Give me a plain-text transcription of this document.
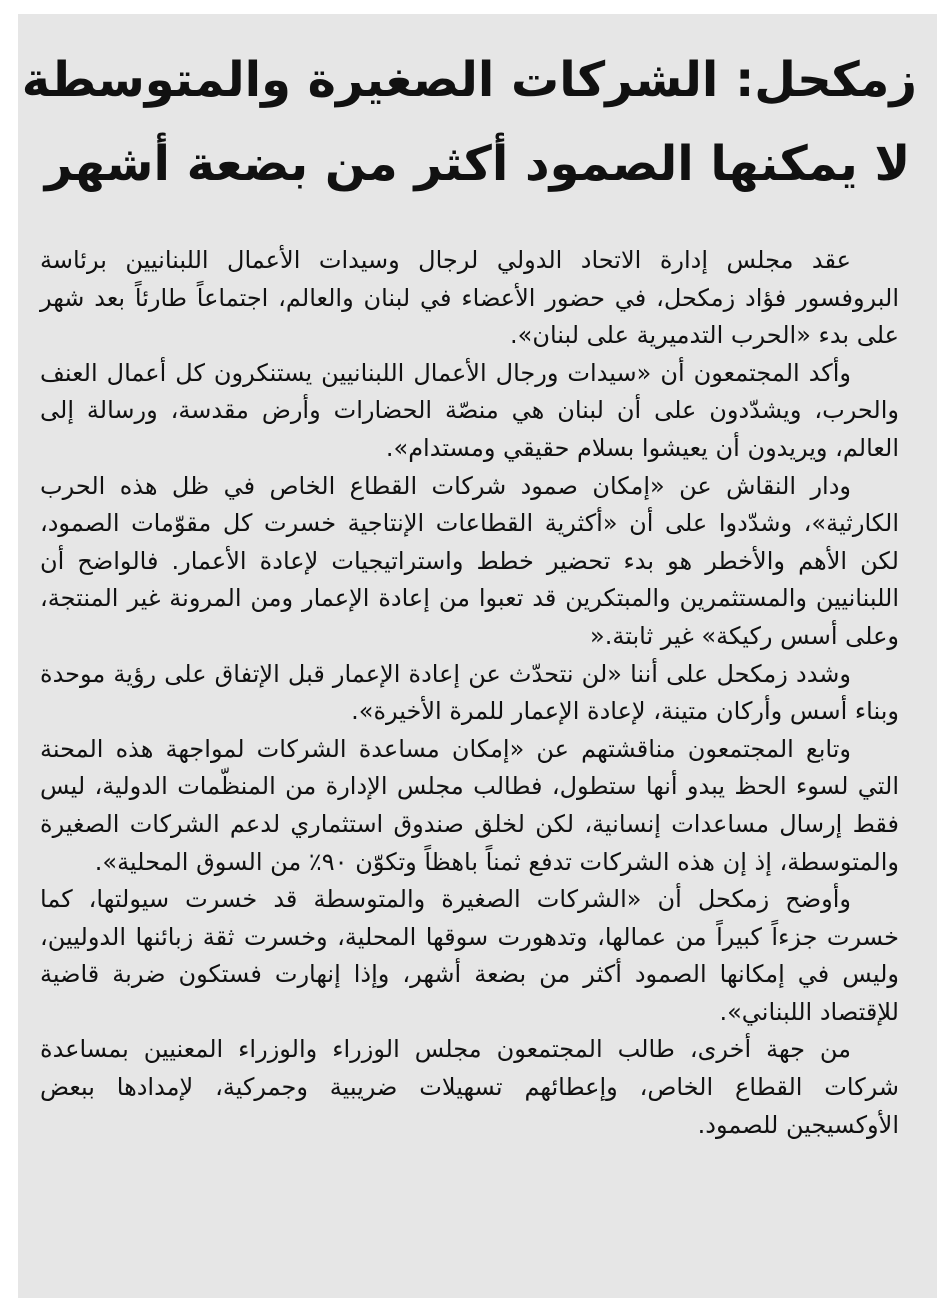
زمكحل: الشركات الصغيرة والمتوسطة
لا يمكنها الصمود أكثر من بضعة أشهر

عقد مجلس إدارة الاتحاد الدولي لرجال وسيدات الأعمال اللبنانيين برئاسة البروفسور فؤاد زمكحل، في حضور الأعضاء في لبنان والعالم، اجتماعاً طارئاً بعد شهر على بدء «الحرب التدميرية على لبنان».

وأكد المجتمعون أن «سيدات ورجال الأعمال اللبنانيين يستنكرون كل أعمال العنف والحرب، ويشدّدون على أن لبنان هي منصّة الحضارات وأرض مقدسة، ورسالة إلى العالم، ويريدون أن يعيشوا بسلام حقيقي ومستدام».

ودار النقاش عن «إمكان صمود شركات القطاع الخاص في ظل هذه الحرب الكارثية»، وشدّدوا على أن «أكثرية القطاعات الإنتاجية خسرت كل مقوّمات الصمود، لكن الأهم والأخطر هو بدء تحضير خطط واستراتيجيات لإعادة الأعمار. فالواضح أن اللبنانيين والمستثمرين والمبتكرين قد تعبوا من إعادة الإعمار ومن المرونة غير المنتجة، وعلى أسس ركيكة» غير ثابتة.«

وشدد زمكحل على أننا «لن نتحدّث عن إعادة الإعمار قبل الإتفاق على رؤية موحدة وبناء أسس وأركان متينة، لإعادة الإعمار للمرة الأخيرة».

وتابع المجتمعون مناقشتهم عن «إمكان مساعدة الشركات لمواجهة هذه المحنة التي لسوء الحظ يبدو أنها ستطول، فطالب مجلس الإدارة من المنظّمات الدولية، ليس فقط إرسال مساعدات إنسانية، لكن لخلق صندوق استثماري لدعم الشركات الصغيرة والمتوسطة، إذ إن هذه الشركات تدفع ثمناً باهظاً وتكوّن ٩٠٪ من السوق المحلية».

وأوضح زمكحل أن «الشركات الصغيرة والمتوسطة قد خسرت سيولتها، كما خسرت جزءاً كبيراً من عمالها، وتدهورت سوقها المحلية، وخسرت ثقة زبائنها الدوليين، وليس في إمكانها الصمود أكثر من بضعة أشهر، وإذا إنهارت فستكون ضربة قاضية للإقتصاد اللبناني».

من جهة أخرى، طالب المجتمعون مجلس الوزراء والوزراء المعنيين بمساعدة شركات القطاع الخاص، وإعطائهم تسهيلات ضريبية وجمركية، لإمدادها ببعض الأوكسيجين للصمود.
